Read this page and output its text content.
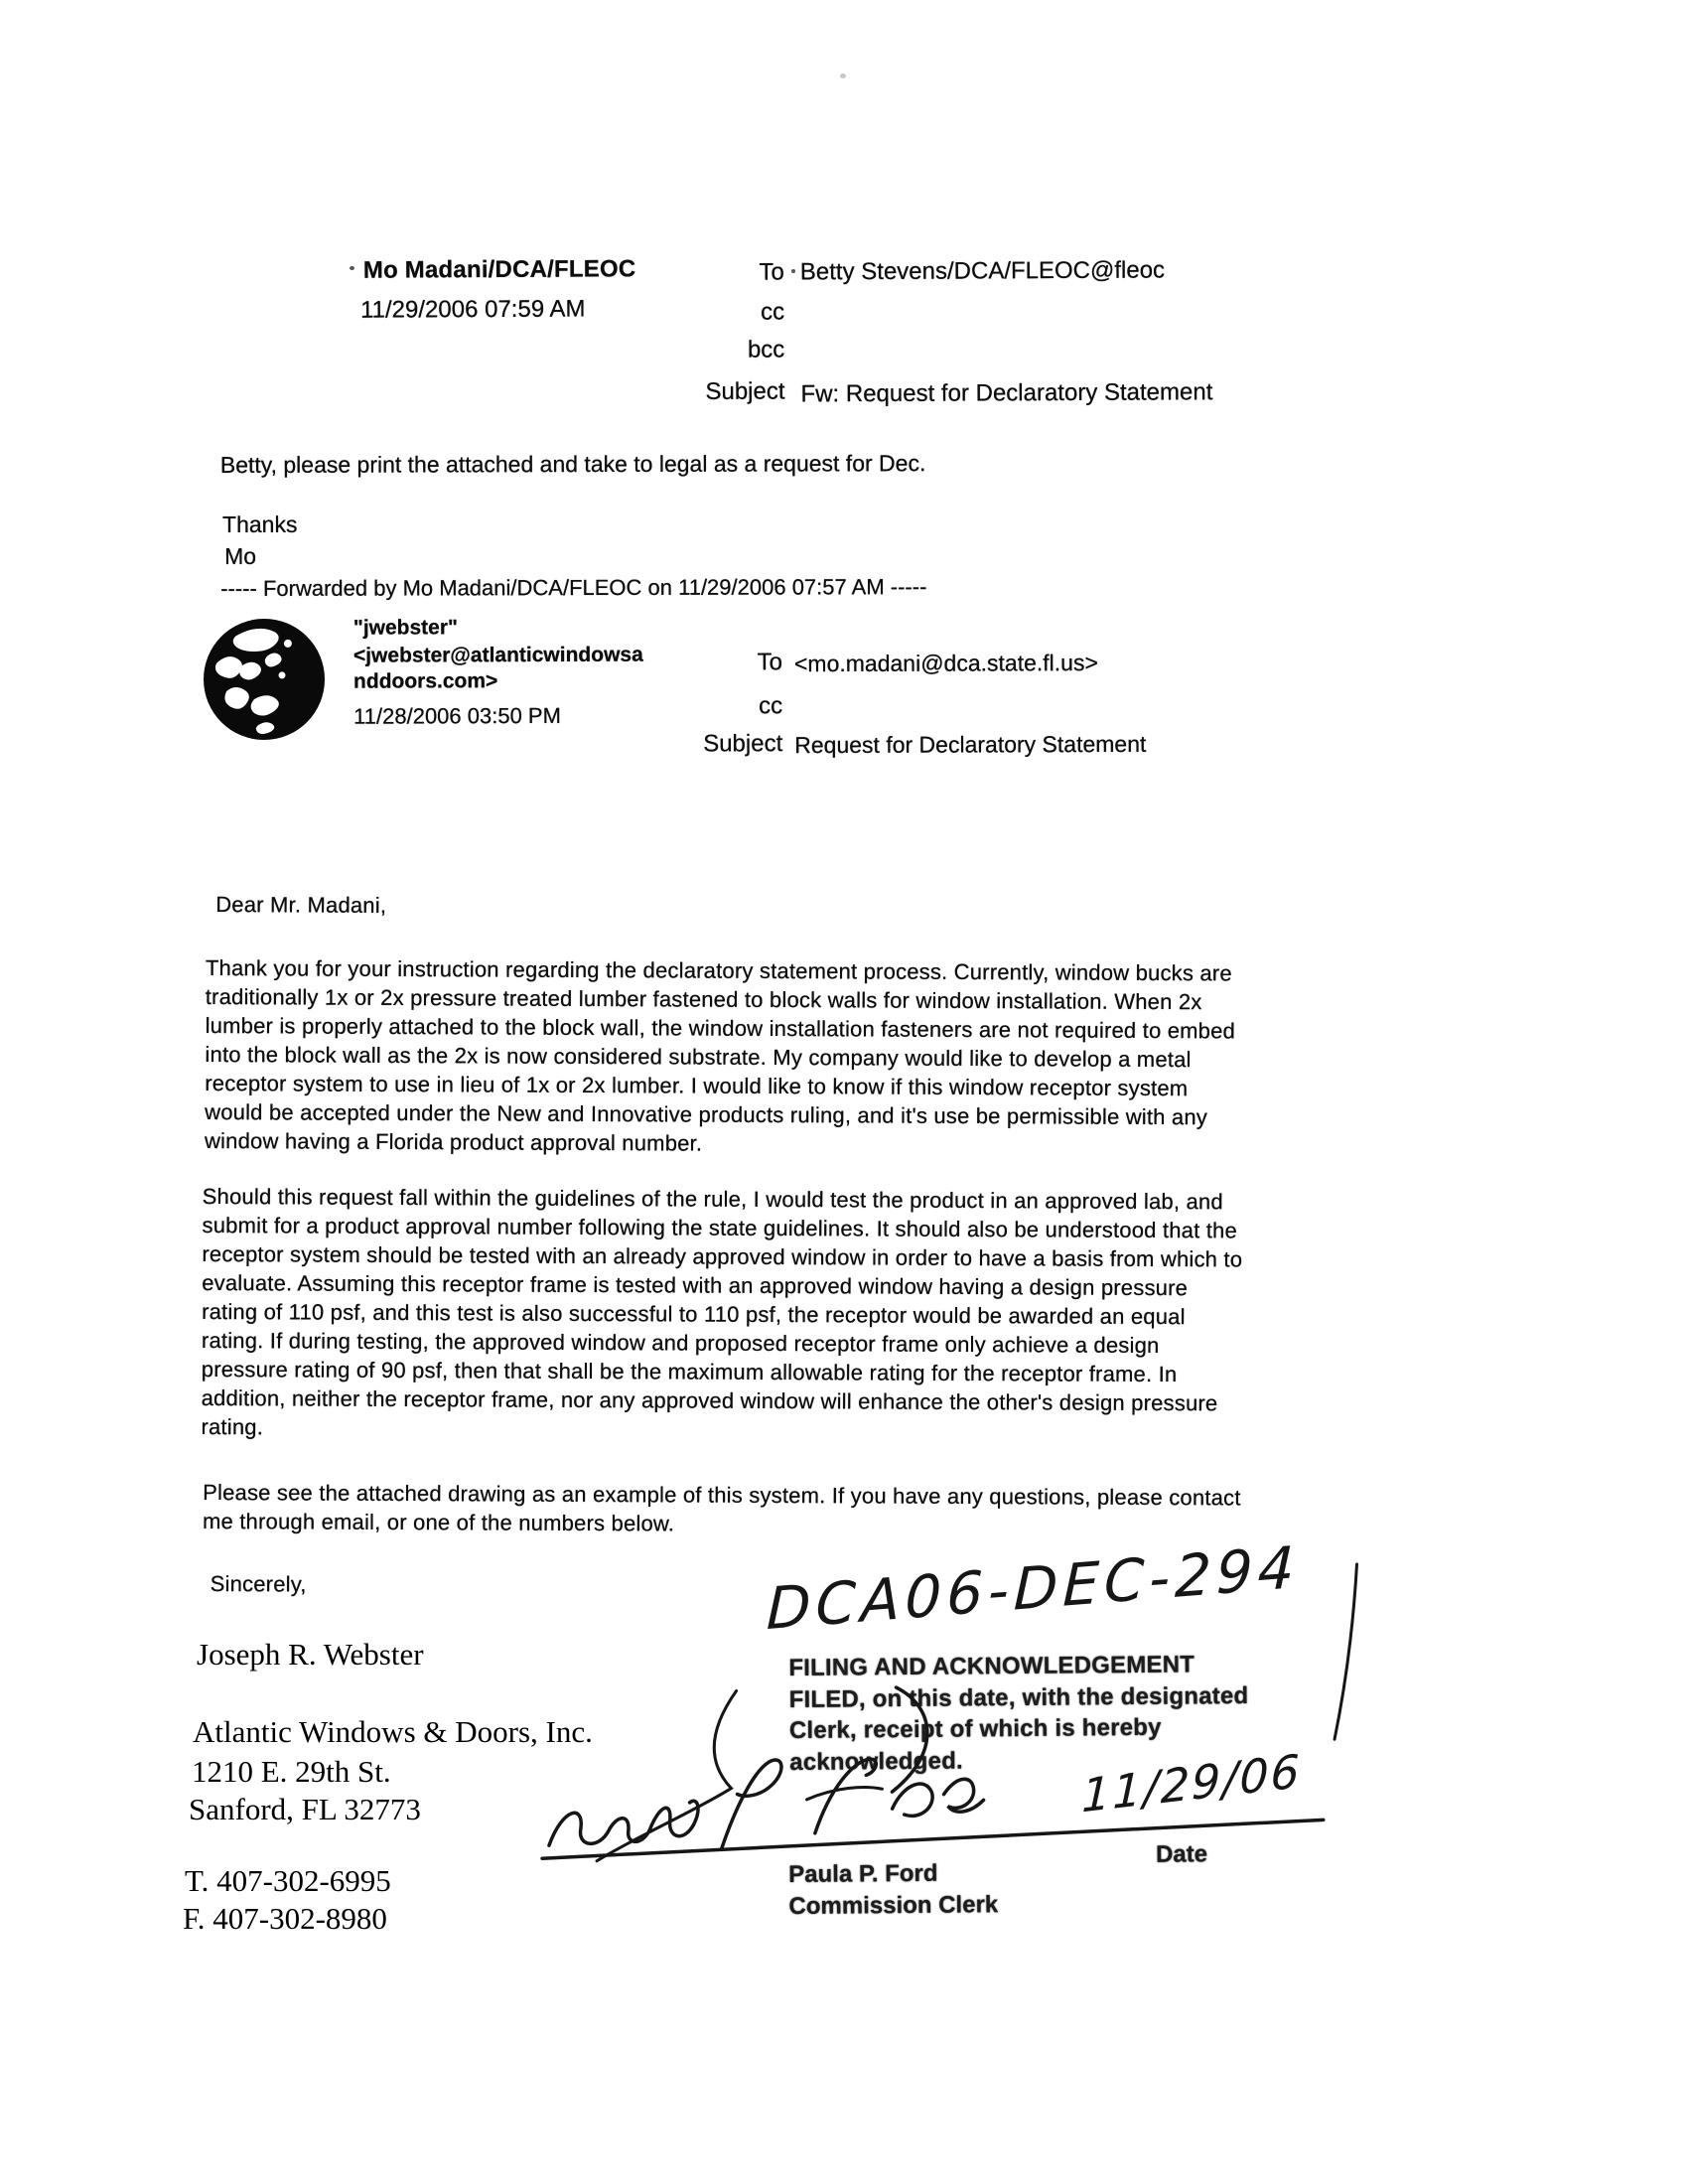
Mo Madani/DCA/FLEOC
11/29/2006 07:59 AM
To Betty Stevens/DCA/FLEOC@fleoc
cc
bcc
Subject Fw: Request for Declaratory Statement
Betty, please print the attached and take to legal as a request for Dec.
Thanks
Mo
----- Forwarded by Mo Madani/DCA/FLEOC on 11/29/2006 07:57 AM -----
"jwebster"
<jwebster@atlanticwindowsa
nddoors.com>
11/28/2006 03:50 PM
To <mo.madani@dca.state.fl.us>
cc
Subject Request for Declaratory Statement
Dear Mr. Madani,
Thank you for your instruction regarding the declaratory statement process. Currently, window bucks are
traditionally 1x or 2x pressure treated lumber fastened to block walls for window installation. When 2x
lumber is properly attached to the block wall, the window installation fasteners are not required to embed
into the block wall as the 2x is now considered substrate. My company would like to develop a metal
receptor system to use in lieu of 1x or 2x lumber. I would like to know if this window receptor system
would be accepted under the New and Innovative products ruling, and it's use be permissible with any
window having a Florida product approval number.
Should this request fall within the guidelines of the rule, I would test the product in an approved lab, and
submit for a product approval number following the state guidelines. It should also be understood that the
receptor system should be tested with an already approved window in order to have a basis from which to
evaluate. Assuming this receptor frame is tested with an approved window having a design pressure
rating of 110 psf, and this test is also successful to 110 psf, the receptor would be awarded an equal
rating. If during testing, the approved window and proposed receptor frame only achieve a design
pressure rating of 90 psf, then that shall be the maximum allowable rating for the receptor frame. In
addition, neither the receptor frame, nor any approved window will enhance the other's design pressure
rating.
Please see the attached drawing as an example of this system. If you have any questions, please contact
me through email, or one of the numbers below.
Sincerely,
Joseph R. Webster
Atlantic Windows & Doors, Inc.
1210 E. 29th St.
Sanford, FL 32773
T. 407-302-6995
F. 407-302-8980
DCA06-DEC-294
FILING AND ACKNOWLEDGEMENT
FILED, on this date, with the designated
Clerk, receipt of which is hereby
acknowledged.	11/29/06
Date
Paula P. Ford
Commission Clerk
